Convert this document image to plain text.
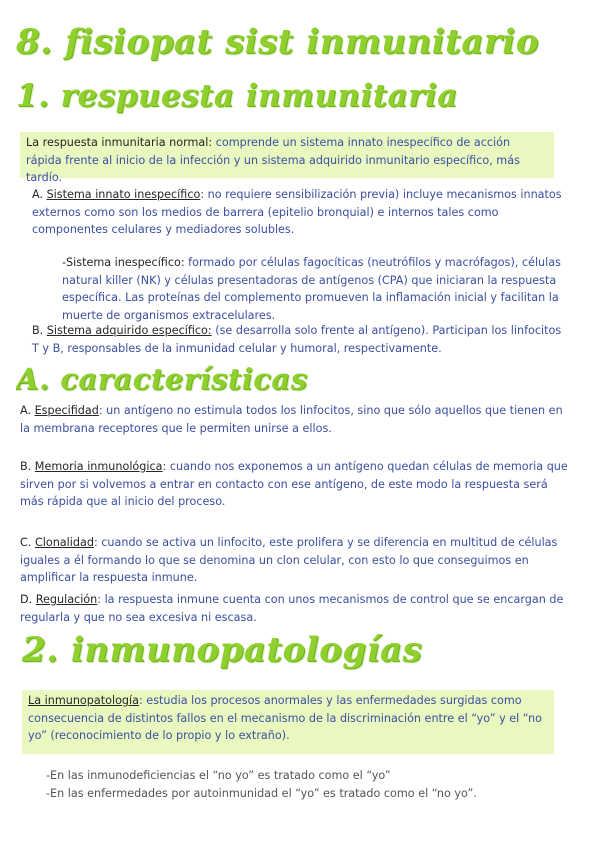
8. fisiopat sist inmunitario
1. respuesta inmunitaria
La respuesta inmunitaria normal: comprende un sistema innato inespecífico de acción rápida frente al inicio de la infección y un sistema adquirido inmunitario específico, más tardío.

A. Sistema innato inespecífico: no requiere sensibilización previa) incluye mecanismos innatos externos como son los medios de barrera (epitelio bronquial) e internos tales como componentes celulares y mediadores solubles.

-Sistema inespecífico: formado por células fagocíticas (neutrófilos y macrófagos), células natural killer (NK) y células presentadoras de antígenos (CPA) que iniciaran la respuesta específica. Las proteínas del complemento promueven la inflamación inicial y facilitan la muerte de organismos extracelulares.

B. Sistema adquirido específico: (se desarrolla solo frente al antígeno). Participan los linfocitos T y B, responsables de la inmunidad celular y humoral, respectivamente.

A. características

A. Especifidad: un antígeno no estimula todos los linfocitos, sino que sólo aquellos que tienen en la membrana receptores que le permiten unirse a ellos.

B. Memoria inmunológica: cuando nos exponemos a un antígeno quedan células de memoria que sirven por si volvemos a entrar en contacto con ese antígeno, de este modo la respuesta será más rápida que al inicio del proceso.

C. Clonalidad: cuando se activa un linfocito, este prolifera y se diferencia en multitud de células iguales a él formando lo que se denomina un clon celular, con esto lo que conseguimos en amplificar la respuesta inmune.

D. Regulación: la respuesta inmune cuenta con unos mecanismos de control que se encargan de regularla y que no sea excesiva ni escasa.

2. inmunopatologías
La inmunopatología: estudia los procesos anormales y las enfermedades surgidas como consecuencia de distintos fallos en el mecanismo de la discriminación entre el “yo” y el “no yo” (reconocimiento de lo propio y lo extraño).

-En las inmunodeficiencias el “no yo” es tratado como el “yo”

-En las enfermedades por autoinmunidad el “yo” es tratado como el “no yo”.
